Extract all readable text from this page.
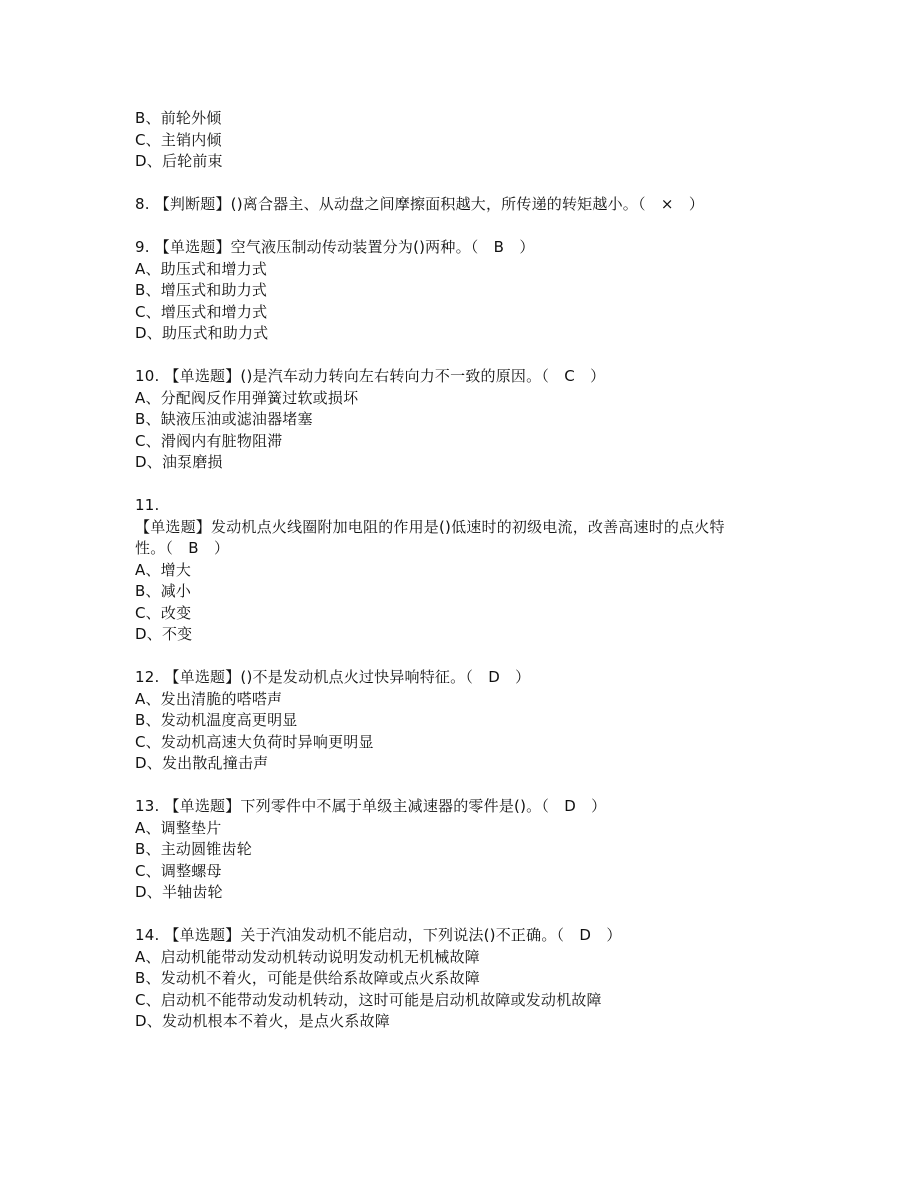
B、前轮外倾
C、主销内倾
D、后轮前束
8. 【判断题】()离合器主、从动盘之间摩擦面积越大，所传递的转矩越小。（　×　）
9. 【单选题】空气液压制动传动装置分为()两种。（　B　）
A、助压式和增力式
B、增压式和助力式
C、增压式和增力式
D、助压式和助力式
10. 【单选题】()是汽车动力转向左右转向力不一致的原因。（　C　）
A、分配阀反作用弹簧过软或损坏
B、缺液压油或滤油器堵塞
C、滑阀内有脏物阻滞
D、油泵磨损
11.
【单选题】发动机点火线圈附加电阻的作用是()低速时的初级电流，改善高速时的点火特
性。（　B　）
A、增大
B、减小
C、改变
D、不变
12. 【单选题】()不是发动机点火过快异响特征。（　D　）
A、发出清脆的嗒嗒声
B、发动机温度高更明显
C、发动机高速大负荷时异响更明显
D、发出散乱撞击声
13. 【单选题】下列零件中不属于单级主减速器的零件是()。（　D　）
A、调整垫片
B、主动圆锥齿轮
C、调整螺母
D、半轴齿轮
14. 【单选题】关于汽油发动机不能启动，下列说法()不正确。（　D　）
A、启动机能带动发动机转动说明发动机无机械故障
B、发动机不着火，可能是供给系故障或点火系故障
C、启动机不能带动发动机转动，这时可能是启动机故障或发动机故障
D、发动机根本不着火，是点火系故障
